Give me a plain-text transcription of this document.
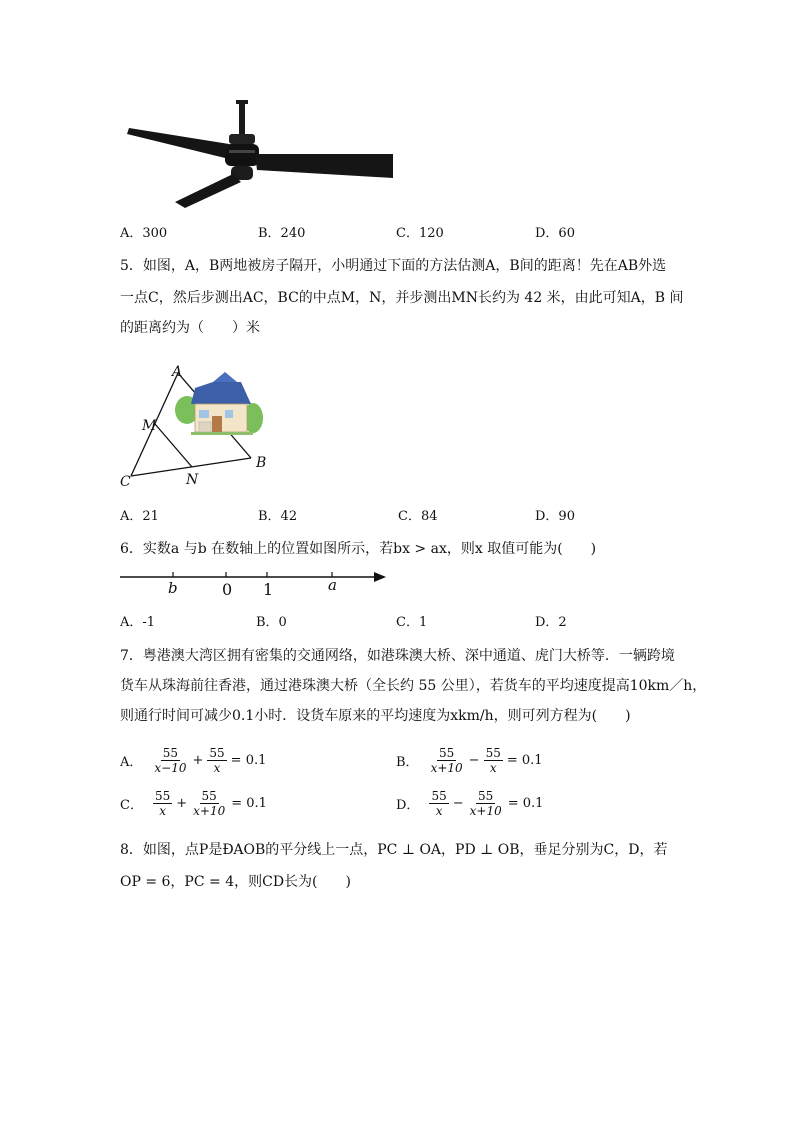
A．300	B．240	C．120	D．60
5．如图，A，B两地被房子隔开，小明通过下面的方法估测A，B间的距离！先在AB外选
一点C，然后步测出AC，BC的中点M，N，并步测出MN长约为 42 米，由此可知A，B 间
的距离约为（　　）米
A
M
C	N
B
A．21	B．42	C．84	D．90
6．实数a 与b 在数轴上的位置如图所示，若bx > ax，则x 取值可能为(　　)
b	0 1	a
A．-1	B．0	C．1	D．2
7．粤港澳大湾区拥有密集的交通网络，如港珠澳大桥、深中通道、虎门大桥等．一辆跨境
货车从珠海前往香港，通过港珠澳大桥（全长约 55 公里），若货车的平均速度提高10km／h，
则通行时间可减少0.1小时．设货车原来的平均速度为xkm/h，则可列方程为(　　)
A． $\frac{55}{x-10} + \frac{55}{x} = 0.1$	B． $\frac{55}{x+10} - \frac{55}{x} = 0.1$
C． $\frac{55}{x} + \frac{55}{x+10} = 0.1$	D． $\frac{55}{x} - \frac{55}{x+10} = 0.1$
8．如图，点P是ÐAOB的平分线上一点，PC ⊥ OA，PD ⊥ OB，垂足分别为C，D，若
OP = 6，PC = 4，则CD长为(　　)
